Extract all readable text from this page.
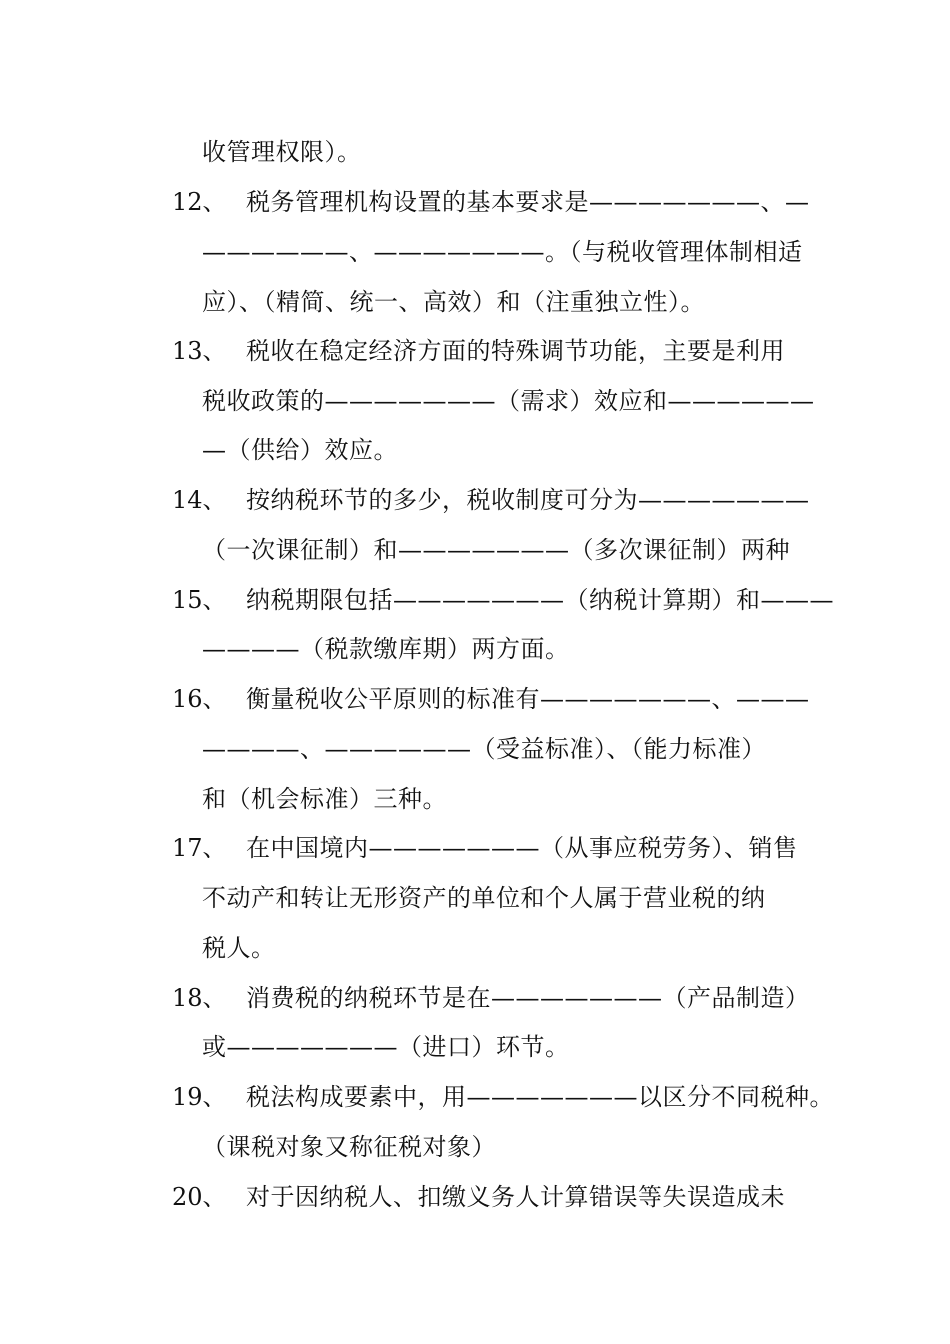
收管理权限）。
12、 税务管理机构设置的基本要求是———————、—
——————、———————。（与税收管理体制相适
应）、（精简、统一、高效）和（注重独立性）。
13、 税收在稳定经济方面的特殊调节功能，主要是利用
税收政策的———————（需求）效应和——————
—（供给）效应。
14、 按纳税环节的多少，税收制度可分为———————
（一次课征制）和———————（多次课征制）两种
15、 纳税期限包括———————（纳税计算期）和———
————（税款缴库期）两方面。
16、 衡量税收公平原则的标准有———————、———
————、——————（受益标准）、（能力标准）
和（机会标准）三种。
17、 在中国境内———————（从事应税劳务）、销售
不动产和转让无形资产的单位和个人属于营业税的纳
税人。
18、 消费税的纳税环节是在———————（产品制造）
或———————（进口）环节。
19、 税法构成要素中，用———————以区分不同税种。
（课税对象又称征税对象）
20、 对于因纳税人、扣缴义务人计算错误等失误造成未
